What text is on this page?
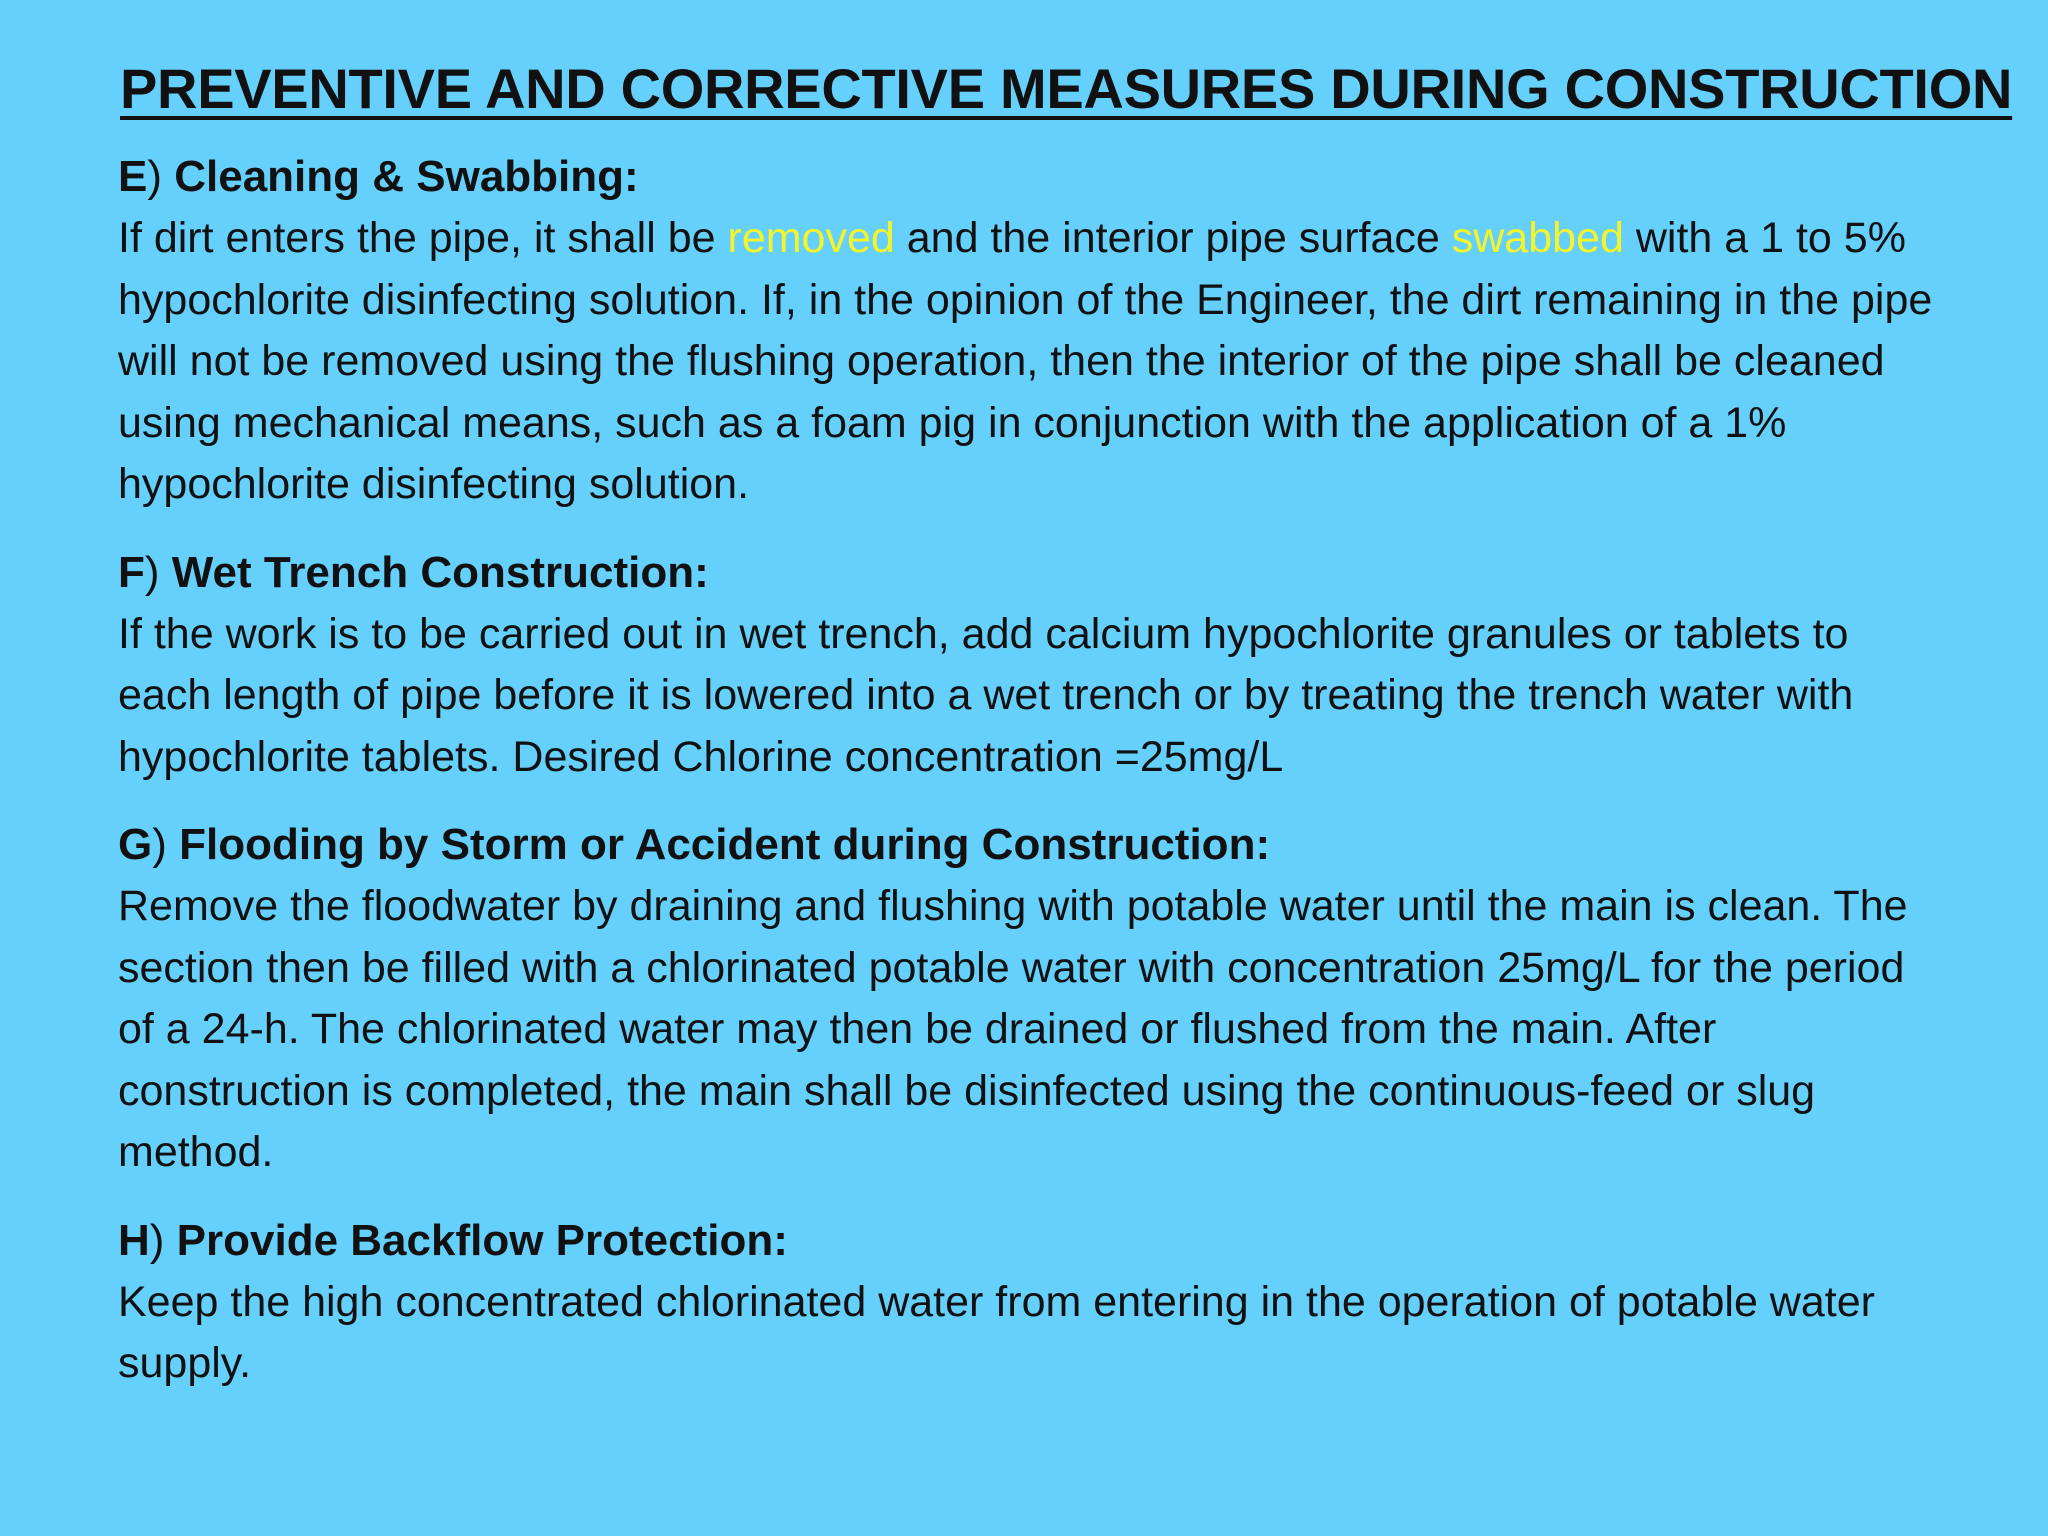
PREVENTIVE AND CORRECTIVE MEASURES DURING CONSTRUCTION
E) Cleaning & Swabbing:
If dirt enters the pipe, it shall be removed and the interior pipe surface swabbed with a 1 to 5% hypochlorite disinfecting solution. If, in the opinion of the Engineer, the dirt remaining in the pipe will not be removed using the flushing operation, then the interior of the pipe shall be cleaned using mechanical means, such as a foam pig in conjunction with the application of a 1% hypochlorite disinfecting solution.
F) Wet Trench Construction:
If the work is to be carried out in wet trench, add calcium hypochlorite granules or tablets to each length of pipe before it is lowered into a wet trench or by treating the trench water with hypochlorite tablets. Desired Chlorine concentration =25mg/L
G) Flooding by Storm or Accident during Construction:
Remove the floodwater by draining and flushing with potable water until the main is clean. The section then be filled with a chlorinated potable water with concentration 25mg/L for the period of a 24-h. The chlorinated water may then be drained or flushed from the main. After construction is completed, the main shall be disinfected using the continuous-feed or slug method.
H) Provide Backflow Protection:
Keep the high concentrated chlorinated water from entering in the operation of potable water supply.
